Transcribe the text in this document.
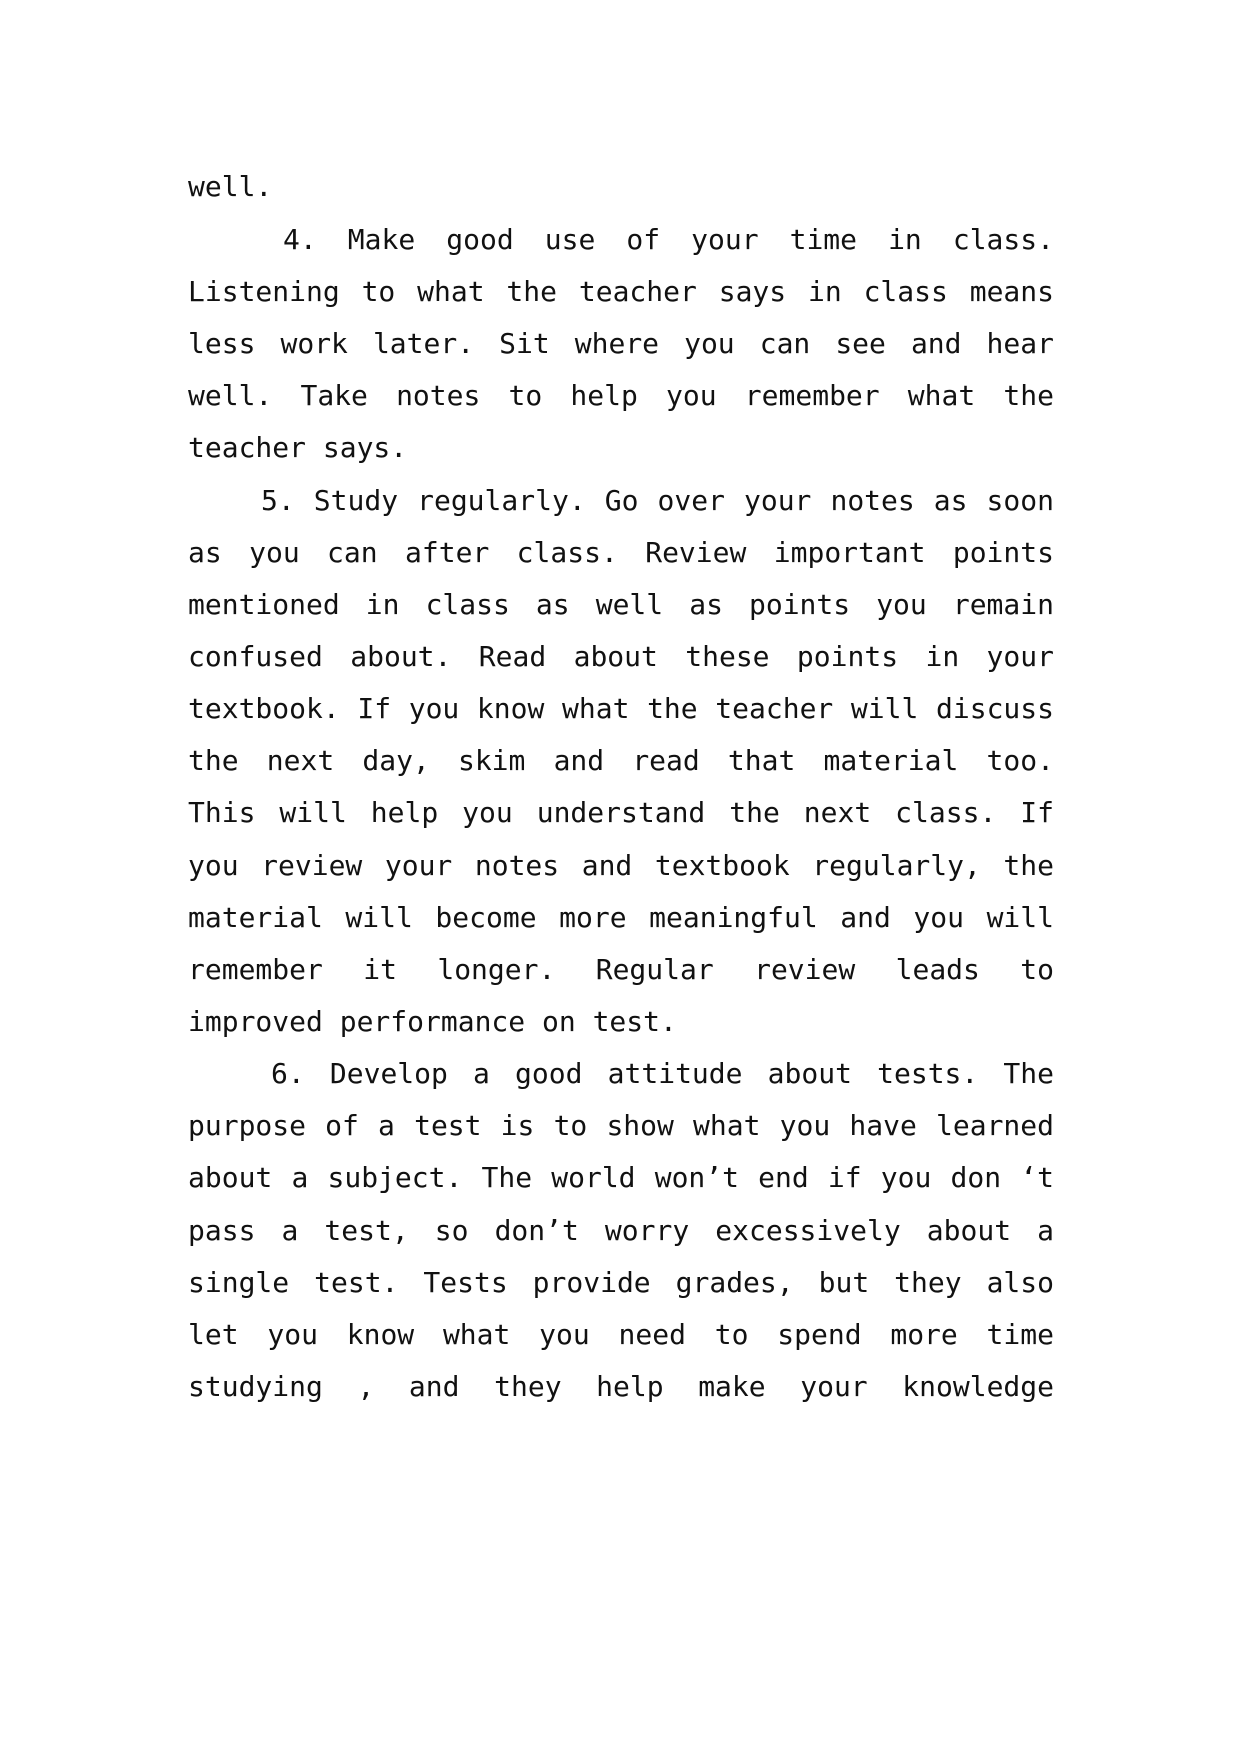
well.
4. Make good use of your time in class.
Listening to what the teacher says in class means
less work later. Sit where you can see and hear
well. Take notes to help you remember what the
teacher says.
5. Study regularly. Go over your notes as soon
as you can after class. Review important points
mentioned in class as well as points you remain
confused about. Read about these points in your
textbook. If you know what the teacher will discuss
the next day, skim and read that material too.
This will help you understand the next class. If
you review your notes and textbook regularly, the
material will become more meaningful and you will
remember it longer. Regular review leads to
improved performance on test.
6. Develop a good attitude about tests. The
purpose of a test is to show what you have learned
about a subject. The world won’t end if you don ‘t
pass a test, so don’t worry excessively about a
single test. Tests provide grades, but they also
let you know what you need to spend more time
studying , and they help make your knowledge
